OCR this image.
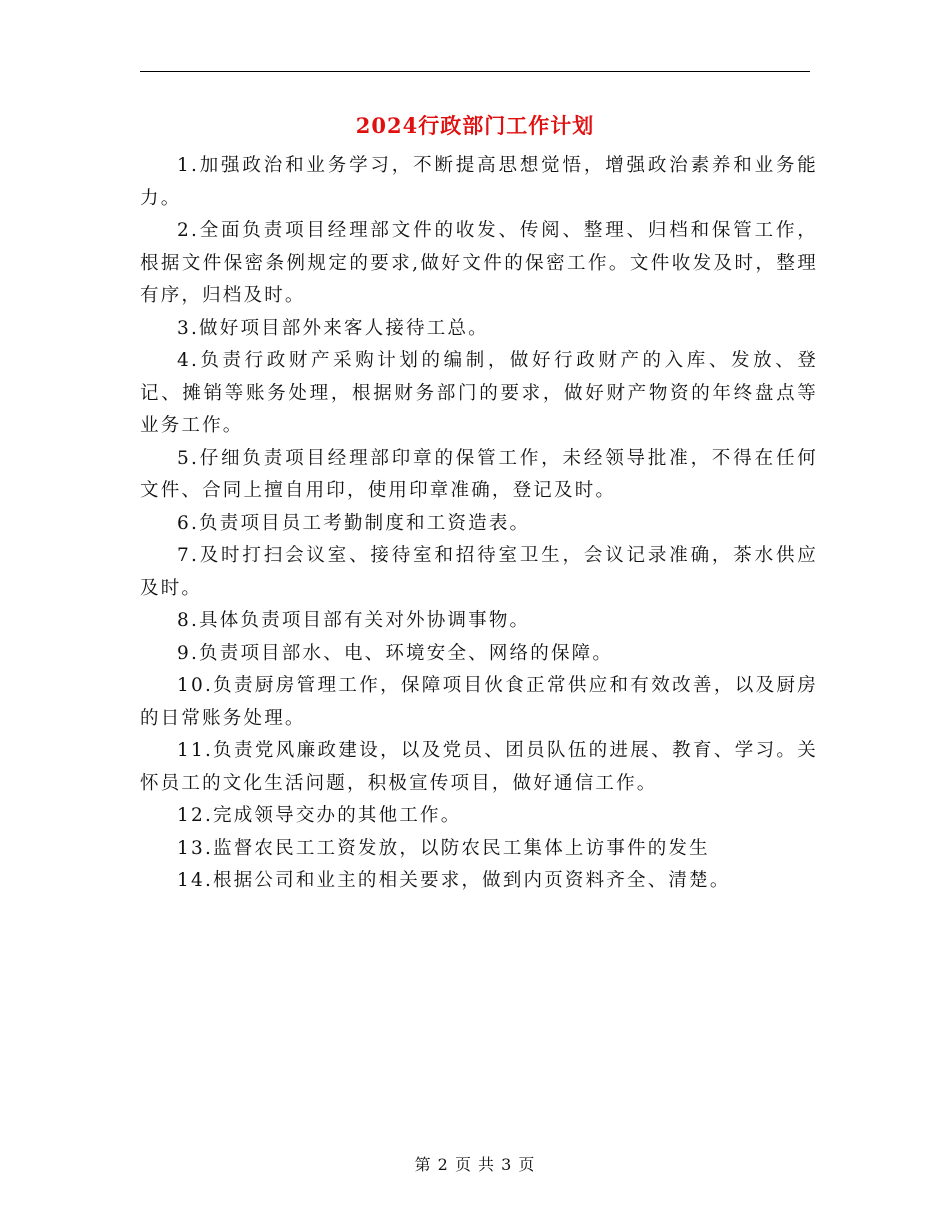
2024行政部门工作计划

1.加强政治和业务学习，不断提高思想觉悟，增强政治素养和业务能力。

2.全面负责项目经理部文件的收发、传阅、整理、归档和保管工作，根据文件保密条例规定的要求,做好文件的保密工作。文件收发及时，整理有序，归档及时。

3.做好项目部外来客人接待工总。

4.负责行政财产采购计划的编制，做好行政财产的入库、发放、登记、摊销等账务处理，根据财务部门的要求，做好财产物资的年终盘点等业务工作。

5.仔细负责项目经理部印章的保管工作，未经领导批准，不得在任何文件、合同上擅自用印，使用印章准确，登记及时。

6.负责项目员工考勤制度和工资造表。

7.及时打扫会议室、接待室和招待室卫生，会议记录准确，茶水供应及时。

8.具体负责项目部有关对外协调事物。

9.负责项目部水、电、环境安全、网络的保障。

10.负责厨房管理工作，保障项目伙食正常供应和有效改善，以及厨房的日常账务处理。

11.负责党风廉政建设，以及党员、团员队伍的进展、教育、学习。关怀员工的文化生活问题，积极宣传项目，做好通信工作。

12.完成领导交办的其他工作。

13.监督农民工工资发放，以防农民工集体上访事件的发生

14.根据公司和业主的相关要求，做到内页资料齐全、清楚。

第 2 页 共 3 页
